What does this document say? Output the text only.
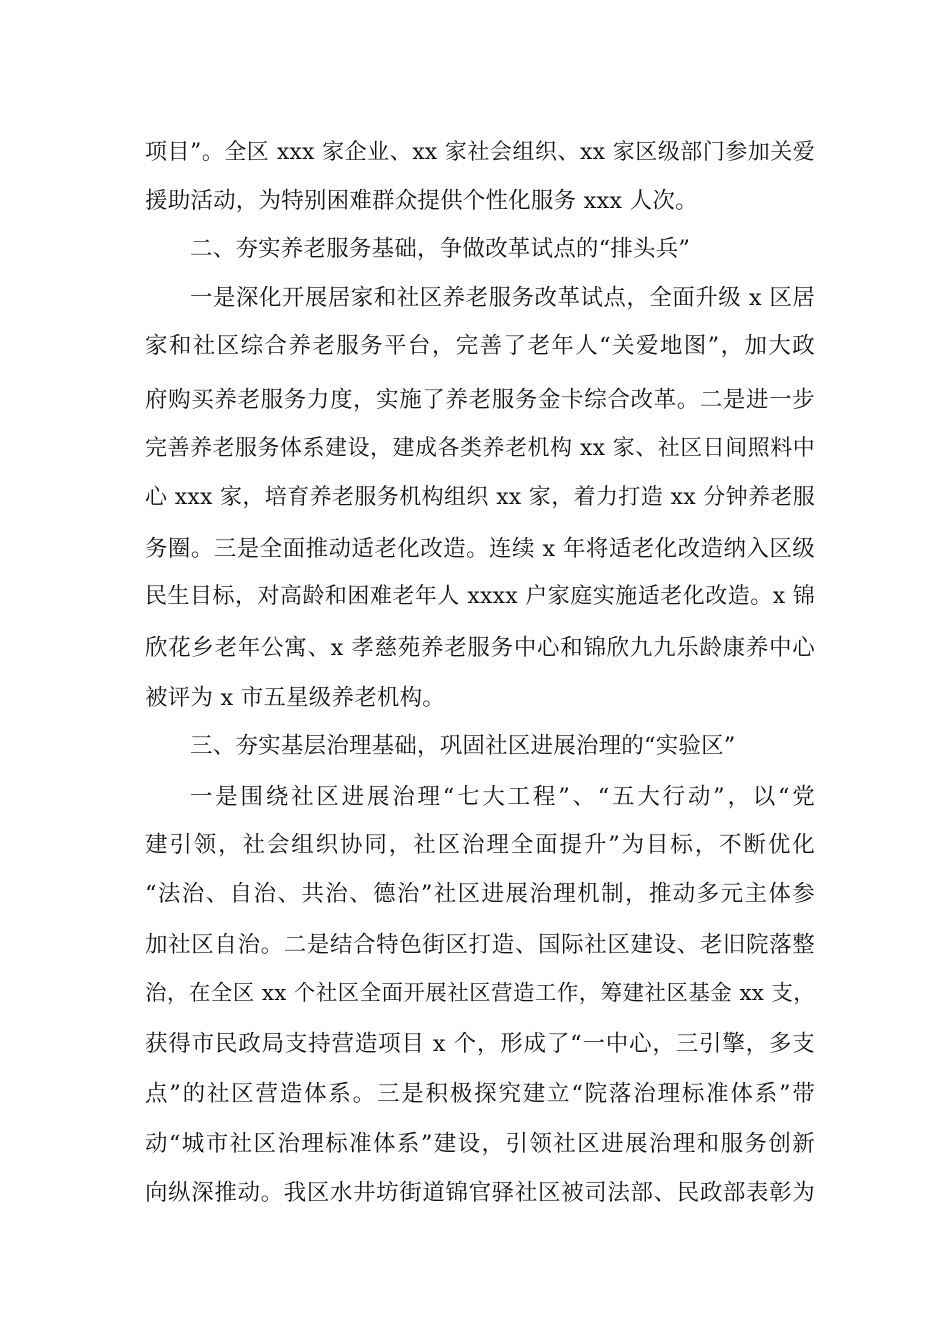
项目”。全区 xxx 家企业、xx 家社会组织、xx 家区级部门参加关爱
援助活动，为特别困难群众提供个性化服务 xxx 人次。
二、夯实养老服务基础，争做改革试点的“排头兵”
一是深化开展居家和社区养老服务改革试点，全面升级 x 区居
家和社区综合养老服务平台，完善了老年人“关爱地图”，加大政
府购买养老服务力度，实施了养老服务金卡综合改革。二是进一步
完善养老服务体系建设，建成各类养老机构 xx 家、社区日间照料中
心 xxx 家，培育养老服务机构组织 xx 家，着力打造 xx 分钟养老服
务圈。三是全面推动适老化改造。连续 x 年将适老化改造纳入区级
民生目标，对高龄和困难老年人 xxxx 户家庭实施适老化改造。x 锦
欣花乡老年公寓、x 孝慈苑养老服务中心和锦欣九九乐龄康养中心
被评为 x 市五星级养老机构。
三、夯实基层治理基础，巩固社区进展治理的“实验区”
一是围绕社区进展治理“七大工程”、“五大行动”，以“党
建引领，社会组织协同，社区治理全面提升”为目标，不断优化
“法治、自治、共治、德治”社区进展治理机制，推动多元主体参
加社区自治。二是结合特色街区打造、国际社区建设、老旧院落整
治，在全区 xx 个社区全面开展社区营造工作，筹建社区基金 xx 支，
获得市民政局支持营造项目 x 个，形成了“一中心，三引擎，多支
点”的社区营造体系。三是积极探究建立“院落治理标准体系”带
动“城市社区治理标准体系”建设，引领社区进展治理和服务创新
向纵深推动。我区水井坊街道锦官驿社区被司法部、民政部表彰为
